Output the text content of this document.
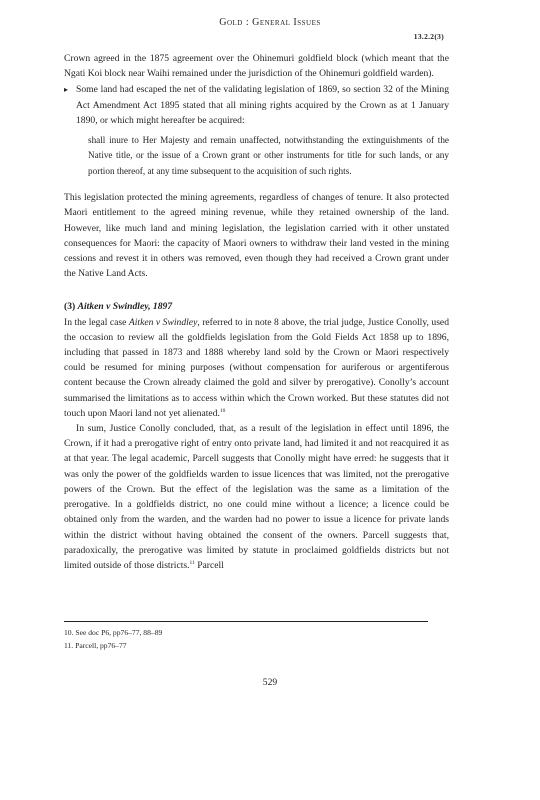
Gold : General Issues
13.2.2(3)

Crown agreed in the 1875 agreement over the Ohinemuri goldfield block (which meant that the Ngati Koi block near Waihi remained under the jurisdiction of the Ohinemuri goldfield warden).

▸ Some land had escaped the net of the validating legislation of 1869, so section 32 of the Mining Act Amendment Act 1895 stated that all mining rights acquired by the Crown as at 1 January 1890, or which might hereafter be acquired:

shall inure to Her Majesty and remain unaffected, notwithstanding the extinguishments of the Native title, or the issue of a Crown grant or other instruments for title for such lands, or any portion thereof, at any time subsequent to the acquisition of such rights.

This legislation protected the mining agreements, regardless of changes of tenure. It also protected Maori entitlement to the agreed mining revenue, while they retained ownership of the land. However, like much land and mining legislation, the legislation carried with it other unstated consequences for Maori: the capacity of Maori owners to withdraw their land vested in the mining cessions and revest it in others was removed, even though they had received a Crown grant under the Native Land Acts.

(3) Aitken v Swindley, 1897

In the legal case Aitken v Swindley, referred to in note 8 above, the trial judge, Justice Conolly, used the occasion to review all the goldfields legislation from the Gold Fields Act 1858 up to 1896, including that passed in 1873 and 1888 whereby land sold by the Crown or Maori respectively could be resumed for mining purposes (without compensation for auriferous or argentiferous content because the Crown already claimed the gold and silver by prerogative). Conolly’s account summarised the limitations as to access within which the Crown worked. But these statutes did not touch upon Maori land not yet alienated.$^{10}$

In sum, Justice Conolly concluded, that, as a result of the legislation in effect until 1896, the Crown, if it had a prerogative right of entry onto private land, had limited it and not reacquired it as at that year. The legal academic, Parcell suggests that Conolly might have erred: he suggests that it was only the power of the goldfields warden to issue licences that was limited, not the prerogative powers of the Crown. But the effect of the legislation was the same as a limitation of the prerogative. In a goldfields district, no one could mine without a licence; a licence could be obtained only from the warden, and the warden had no power to issue a licence for private lands within the district without having obtained the consent of the owners. Parcell suggests that, paradoxically, the prerogative was limited by statute in proclaimed goldfields districts but not limited outside of those districts.$^{11}$ Parcell

10. See doc P6, pp76–77, 88–89
11. Parcell, pp76–77
529
